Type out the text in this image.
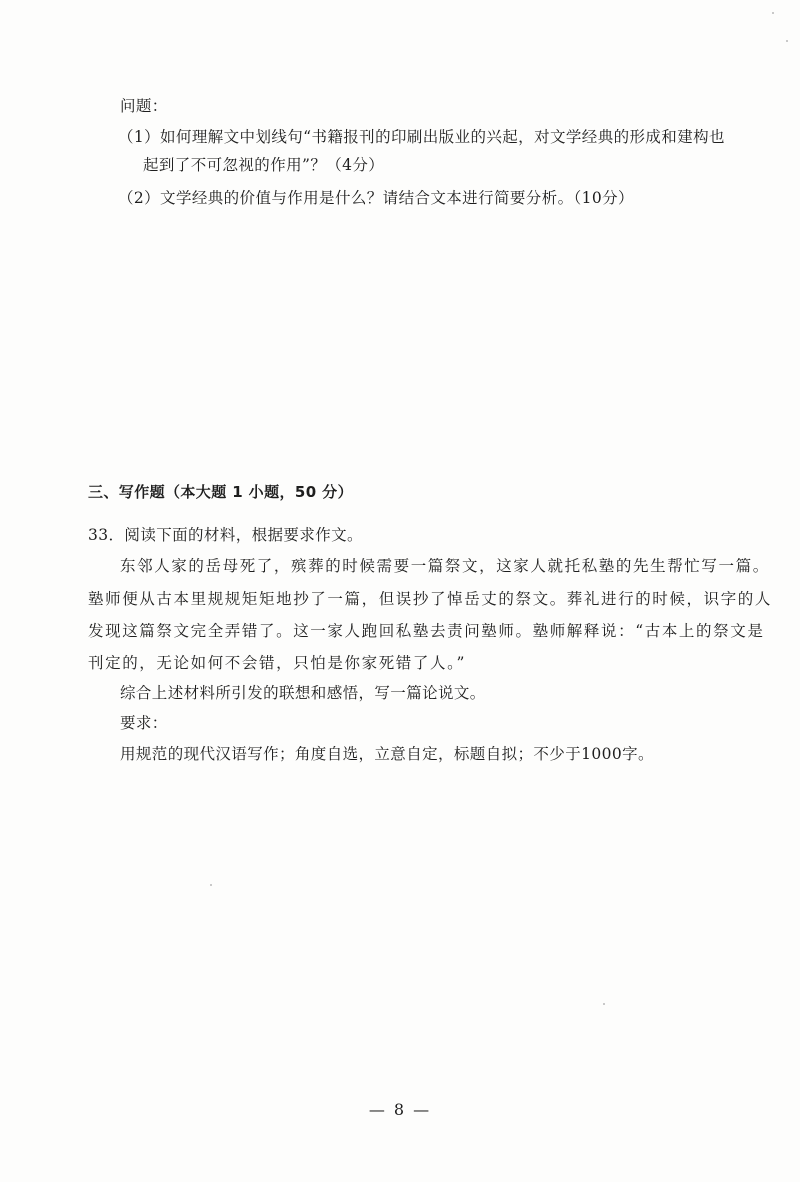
问题：
（1）如何理解文中划线句“书籍报刊的印刷出版业的兴起，对文学经典的形成和建构也
起到了不可忽视的作用”？（4分）
（2）文学经典的价值与作用是什么？请结合文本进行简要分析。（10分）
三、写作题（本大题 1 小题，50 分）
33．阅读下面的材料，根据要求作文。
东邻人家的岳母死了，殡葬的时候需要一篇祭文，这家人就托私塾的先生帮忙写一篇。
塾师便从古本里规规矩矩地抄了一篇，但误抄了悼岳丈的祭文。葬礼进行的时候，识字的人
发现这篇祭文完全弄错了。这一家人跑回私塾去责问塾师。塾师解释说：“古本上的祭文是
刊定的，无论如何不会错，只怕是你家死错了人。”
综合上述材料所引发的联想和感悟，写一篇论说文。
要求：
用规范的现代汉语写作；角度自选，立意自定，标题自拟；不少于1000字。
— 8 —
